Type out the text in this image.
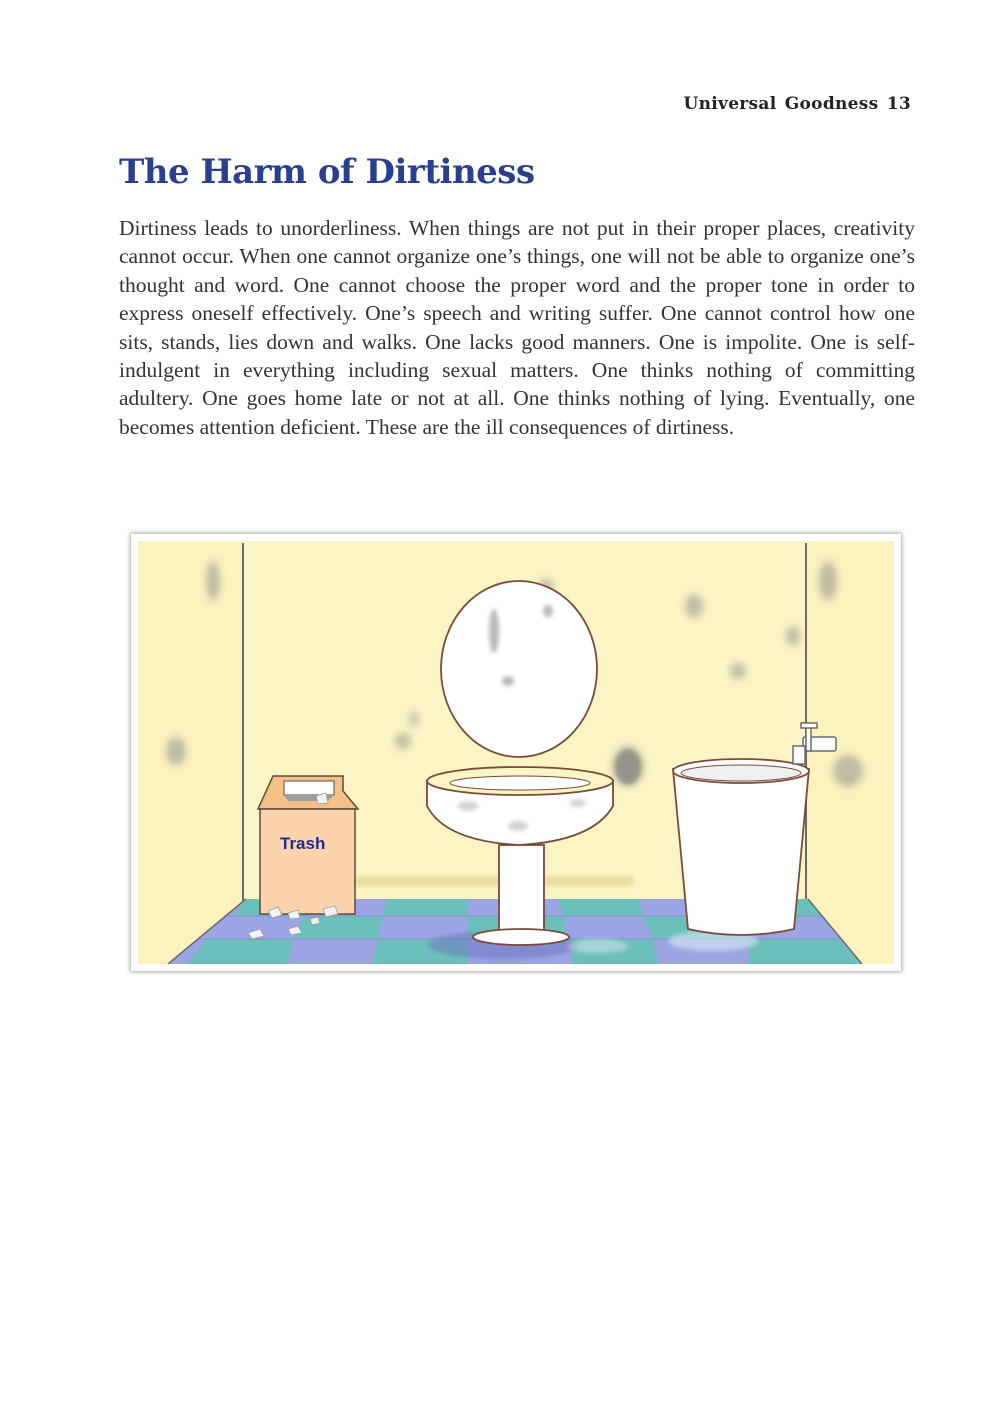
Universal Goodness 13
The Harm of Dirtiness

Dirtiness leads to unorderliness. When things are not put in their proper places, creativity cannot occur. When one cannot organize one’s things, one will not be able to organize one’s thought and word. One cannot choose the proper word and the proper tone in order to express oneself effectively. One’s speech and writing suffer. One cannot control how one sits, stands, lies down and walks. One lacks good manners. One is impolite. One is self-indulgent in everything including sexual matters. One thinks nothing of committing adultery. One goes home late or not at all. One thinks nothing of lying. Eventually, one becomes attention deficient. These are the ill consequences of dirtiness.

Trash
